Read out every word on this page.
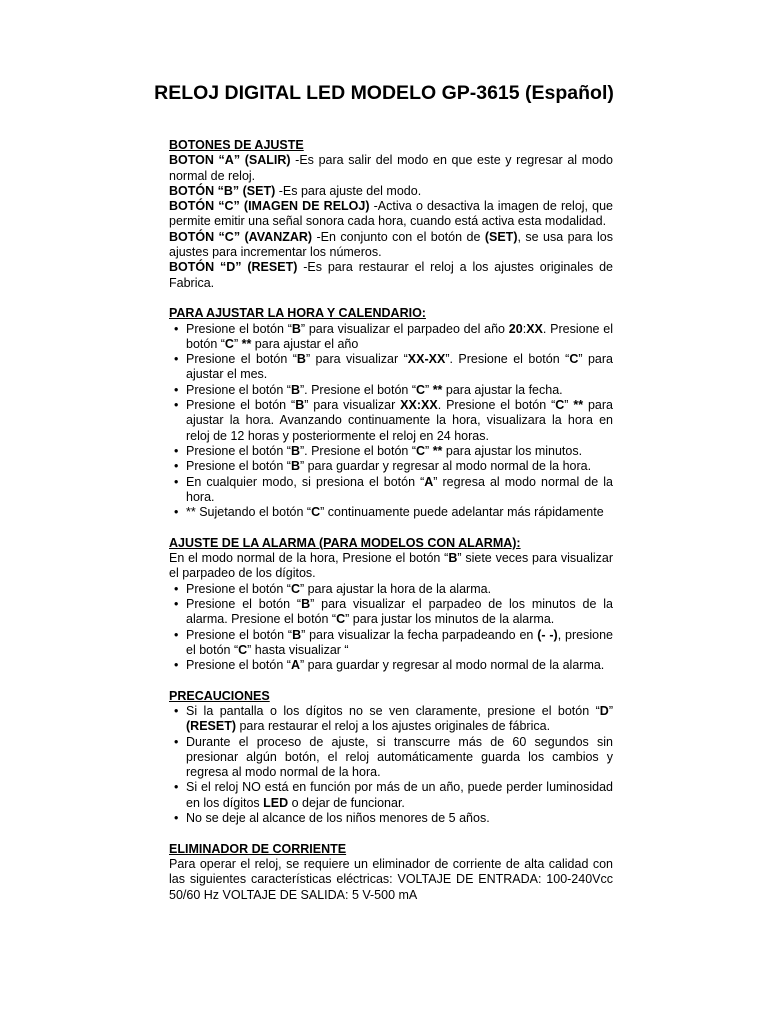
RELOJ DIGITAL LED MODELO GP-3615 (Español)
BOTONES DE AJUSTE

BOTON “A” (SALIR) -Es para salir del modo en que este y regresar al modo normal de reloj.

BOTÓN “B” (SET) -Es para ajuste del modo.

BOTÓN “C” (IMAGEN DE RELOJ) -Activa o desactiva la imagen de reloj, que permite emitir una señal sonora cada hora, cuando está activa esta modalidad.

BOTÓN “C” (AVANZAR) -En conjunto con el botón de (SET), se usa para los ajustes para incrementar los números.

BOTÓN “D” (RESET) -Es para restaurar el reloj a los ajustes originales de Fabrica.

PARA AJUSTAR LA HORA Y CALENDARIO:
• Presione el botón “B” para visualizar el parpadeo del año 20:XX. Presione el botón “C” ** para ajustar el año
• Presione el botón “B” para visualizar “XX-XX”. Presione el botón “C” para ajustar el mes.
• Presione el botón “B”. Presione el botón “C” ** para ajustar la fecha.
• Presione el botón “B” para visualizar XX:XX. Presione el botón “C” ** para ajustar la hora. Avanzando continuamente la hora, visualizara la hora en reloj de 12 horas y posteriormente el reloj en 24 horas.
• Presione el botón “B”. Presione el botón “C” ** para ajustar los minutos.
• Presione el botón “B” para guardar y regresar al modo normal de la hora.
• En cualquier modo, si presiona el botón “A” regresa al modo normal de la hora.
• ** Sujetando el botón “C” continuamente puede adelantar más rápidamente
AJUSTE DE LA ALARMA (PARA MODELOS CON ALARMA):

En el modo normal de la hora, Presione el botón “B” siete veces para visualizar el parpadeo de los dígitos.

• Presione el botón “C” para ajustar la hora de la alarma.
• Presione el botón “B” para visualizar el parpadeo de los minutos de la alarma. Presione el botón “C” para justar los minutos de la alarma.
• Presione el botón “B” para visualizar la fecha parpadeando en (- -), presione el botón “C” hasta visualizar “
• Presione el botón “A” para guardar y regresar al modo normal de la alarma.
PRECAUCIONES
• Si la pantalla o los dígitos no se ven claramente, presione el botón “D” (RESET) para restaurar el reloj a los ajustes originales de fábrica.
• Durante el proceso de ajuste, si transcurre más de 60 segundos sin presionar algún botón, el reloj automáticamente guarda los cambios y regresa al modo normal de la hora.
• Si el reloj NO está en función por más de un año, puede perder luminosidad en los dígitos LED o dejar de funcionar.
• No se deje al alcance de los niños menores de 5 años.
ELIMINADOR DE CORRIENTE

Para operar el reloj, se requiere un eliminador de corriente de alta calidad con las siguientes características eléctricas: VOLTAJE DE ENTRADA: 100-240Vcc 50/60 Hz VOLTAJE DE SALIDA: 5 V-500 mA
